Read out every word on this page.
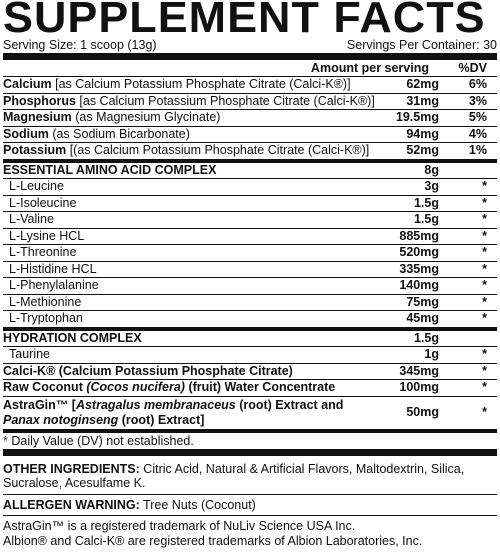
SUPPLEMENT FACTS
Serving Size: 1 scoop (13g)	Servings Per Container: 30
Amount per serving	%DV
Calcium [as Calcium Potassium Phosphate Citrate (Calci-K®)]	62mg	6%
Phosphorus [as Calcium Potassium Phosphate Citrate (Calci-K®)]	31mg	3%
Magnesium (as Magnesium Glycinate)	19.5mg	5%
Sodium (as Sodium Bicarbonate)	94mg	4%
Potassium [(as Calcium Potassium Phosphate Citrate (Calci-K®)]	52mg	1%
ESSENTIAL AMINO ACID COMPLEX	8g
L-Leucine	3g	*
L-Isoleucine	1.5g	*
L-Valine	1.5g	*
L-Lysine HCL	885mg	*
L-Threonine	520mg	*
L-Histidine HCL	335mg	*
L-Phenylalanine	140mg	*
L-Methionine	75mg	*
L-Tryptophan	45mg	*
HYDRATION COMPLEX	1.5g
Taurine	1g	*
Calci-K® (Calcium Potassium Phosphate Citrate)	345mg	*
Raw Coconut (Cocos nucifera) (fruit) Water Concentrate	100mg	*
AstraGin™ [Astragalus membranaceus (root) Extract and
Panax notoginseng (root) Extract]
50mg	*
* Daily Value (DV) not established.
OTHER INGREDIENTS: Citric Acid, Natural & Artificial Flavors, Maltodextrin, Silica, Sucralose, Acesulfame K.
ALLERGEN WARNING: Tree Nuts (Coconut)
AstraGin™ is a registered trademark of NuLiv Science USA Inc.
Albion® and Calci-K® are registered trademarks of Albion Laboratories, Inc.
